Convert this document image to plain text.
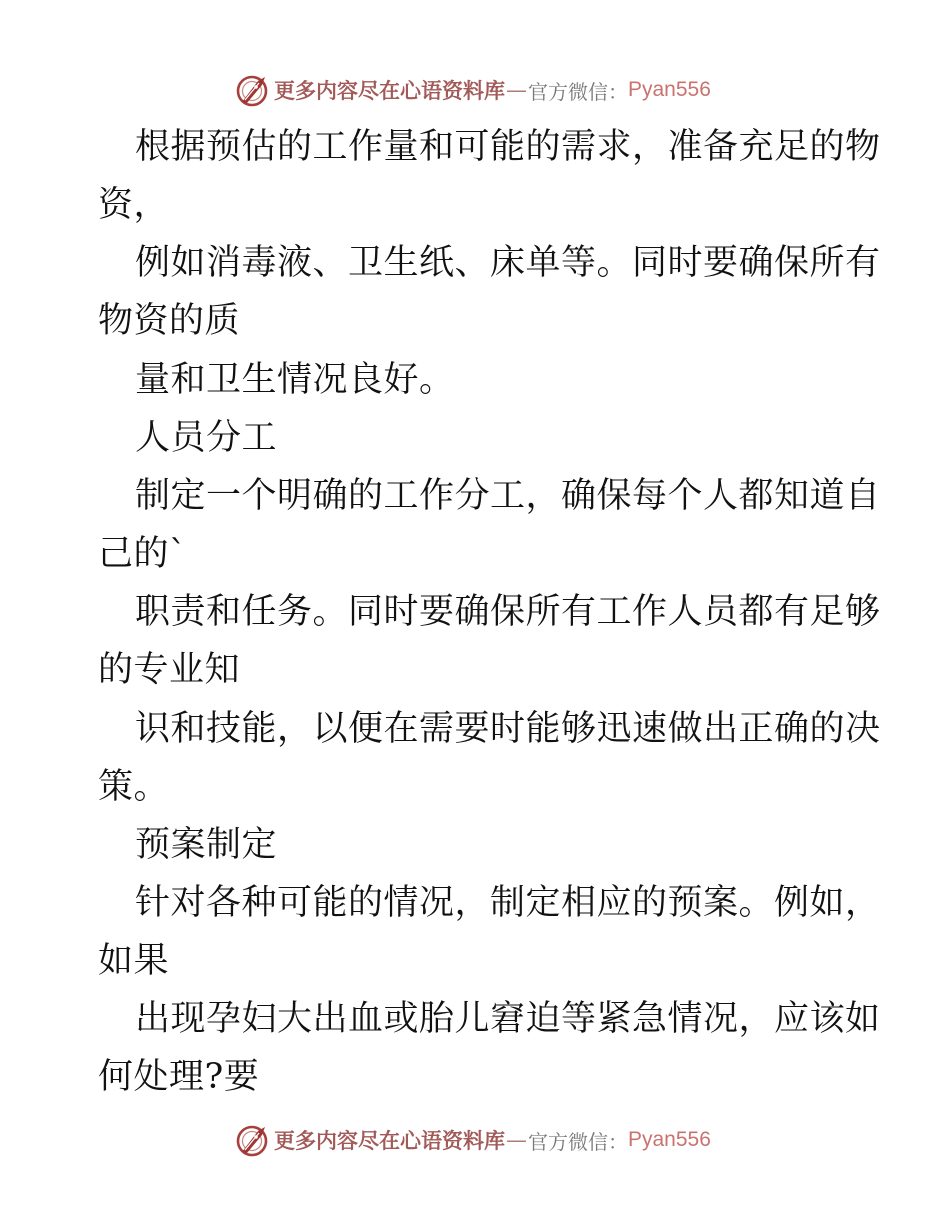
更多内容尽在心语资料库 — 官方微信： Pyan556
根据预估的工作量和可能的需求，准备充足的物
资，
例如消毒液、卫生纸、床单等。同时要确保所有
物资的质
量和卫生情况良好。
人员分工
制定一个明确的工作分工，确保每个人都知道自
己的`
职责和任务。同时要确保所有工作人员都有足够
的专业知
识和技能，以便在需要时能够迅速做出正确的决
策。
预案制定
针对各种可能的情况，制定相应的预案。例如，
如果
出现孕妇大出血或胎儿窘迫等紧急情况，应该如
何处理?要
更多内容尽在心语资料库 — 官方微信： Pyan556
